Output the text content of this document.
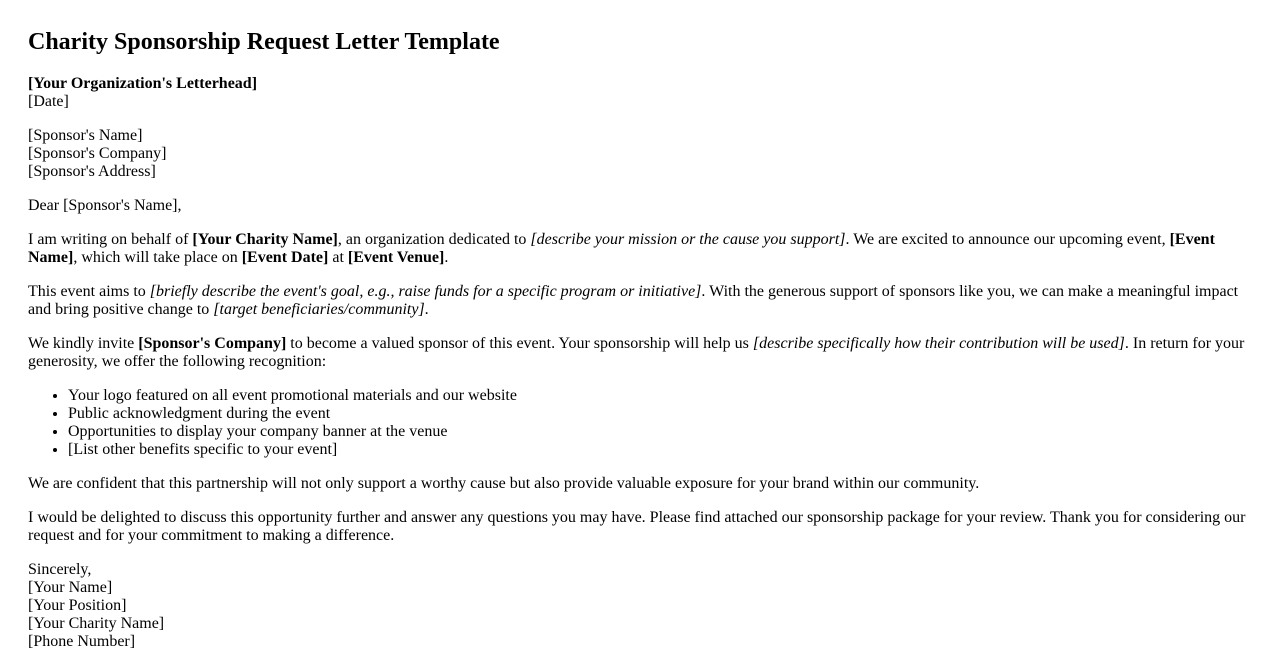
Charity Sponsorship Request Letter Template
[Your Organization's Letterhead]
[Date]
[Sponsor's Name]
[Sponsor's Company]
[Sponsor's Address]

Dear [Sponsor's Name],

I am writing on behalf of [Your Charity Name], an organization dedicated to [describe your mission or the cause you support]. We are excited to announce our upcoming event, [Event Name], which will take place on [Event Date] at [Event Venue].

This event aims to [briefly describe the event's goal, e.g., raise funds for a specific program or initiative]. With the generous support of sponsors like you, we can make a meaningful impact and bring positive change to [target beneficiaries/community].

We kindly invite [Sponsor's Company] to become a valued sponsor of this event. Your sponsorship will help us [describe specifically how their contribution will be used]. In return for your generosity, we offer the following recognition:

• Your logo featured on all event promotional materials and our website
• Public acknowledgment during the event
• Opportunities to display your company banner at the venue
• [List other benefits specific to your event]

We are confident that this partnership will not only support a worthy cause but also provide valuable exposure for your brand within our community.

I would be delighted to discuss this opportunity further and answer any questions you may have. Please find attached our sponsorship package for your review. Thank you for considering our request and for your commitment to making a difference.

Sincerely,
[Your Name]
[Your Position]
[Your Charity Name]
[Phone Number]
